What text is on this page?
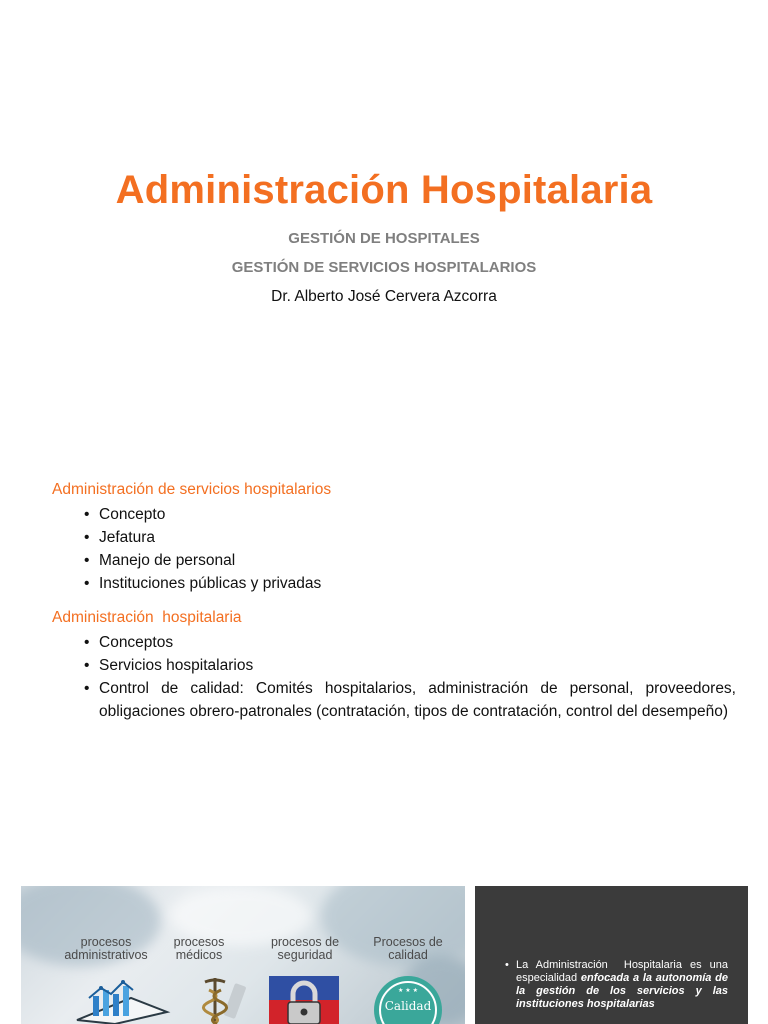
Administración Hospitalaria
GESTIÓN DE HOSPITALES
GESTIÓN DE SERVICIOS HOSPITALARIOS
Dr. Alberto José Cervera Azcorra
Administración de servicios hospitalarios
• Concepto
• Jefatura
• Manejo de personal
• Instituciones públicas y privadas
Administración  hospitalaria
• Conceptos
• Servicios hospitalarios
• Control de calidad: Comités hospitalarios, administración de personal, proveedores, obligaciones obrero-patronales (contratación, tipos de contratación, control del desempeño)
procesos administrativos
procesos médicos
procesos de seguridad
Procesos de calidad
★ ★ ★
Calidad
• La Administración  Hospitalaria es una especialidad enfocada a la autonomía de la gestión de los servicios y las instituciones hospitalarias
